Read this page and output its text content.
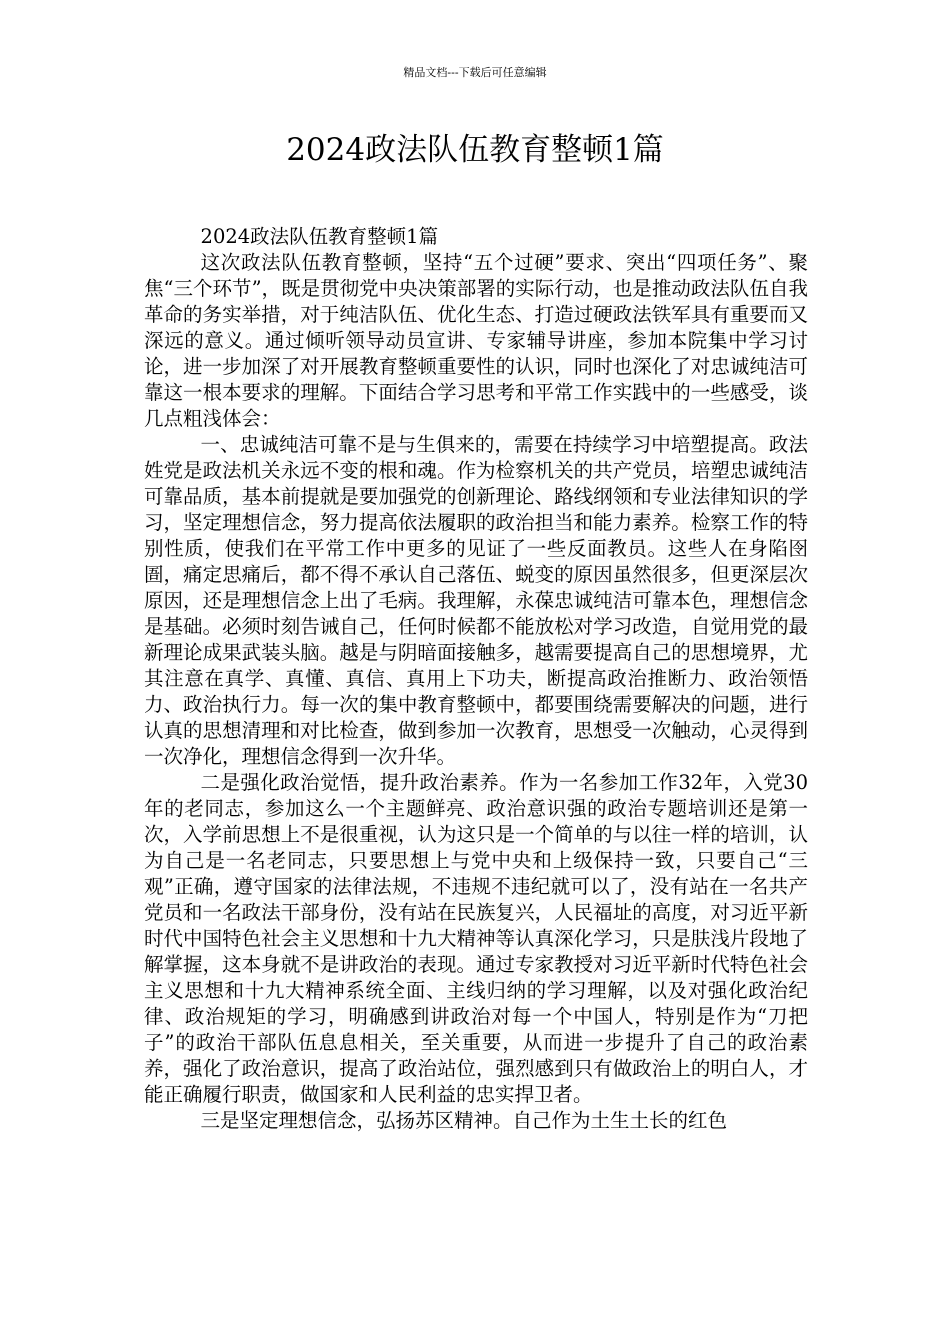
精品文档---下载后可任意编辑
2024政法队伍教育整顿1篇

2024政法队伍教育整顿1篇

这次政法队伍教育整顿，坚持“五个过硬”要求、突出“四项任务”、聚焦“三个环节”，既是贯彻党中央决策部署的实际行动，也是推动政法队伍自我革命的务实举措，对于纯洁队伍、优化生态、打造过硬政法铁军具有重要而又深远的意义。通过倾听领导动员宣讲、专家辅导讲座，参加本院集中学习讨论，进一步加深了对开展教育整顿重要性的认识，同时也深化了对忠诚纯洁可靠这一根本要求的理解。下面结合学习思考和平常工作实践中的一些感受，谈几点粗浅体会：

一、忠诚纯洁可靠不是与生俱来的，需要在持续学习中培塑提高。政法姓党是政法机关永远不变的根和魂。作为检察机关的共产党员，培塑忠诚纯洁可靠品质，基本前提就是要加强党的创新理论、路线纲领和专业法律知识的学习，坚定理想信念，努力提高依法履职的政治担当和能力素养。检察工作的特别性质，使我们在平常工作中更多的见证了一些反面教员。这些人在身陷囹圄，痛定思痛后，都不得不承认自己落伍、蜕变的原因虽然很多，但更深层次原因，还是理想信念上出了毛病。我理解，永葆忠诚纯洁可靠本色，理想信念是基础。必须时刻告诫自己，任何时候都不能放松对学习改造，自觉用党的最新理论成果武装头脑。越是与阴暗面接触多，越需要提高自己的思想境界，尤其注意在真学、真懂、真信、真用上下功夫，断提高政治推断力、政治领悟力、政治执行力。每一次的集中教育整顿中，都要围绕需要解决的问题，进行认真的思想清理和对比检查，做到参加一次教育，思想受一次触动，心灵得到一次净化，理想信念得到一次升华。

二是强化政治觉悟，提升政治素养。作为一名参加工作32年，入党30年的老同志，参加这么一个主题鲜亮、政治意识强的政治专题培训还是第一次，入学前思想上不是很重视，认为这只是一个简单的与以往一样的培训，认为自己是一名老同志，只要思想上与党中央和上级保持一致，只要自己“三观”正确，遵守国家的法律法规，不违规不违纪就可以了，没有站在一名共产党员和一名政法干部身份，没有站在民族复兴，人民福址的高度，对习近平新时代中国特色社会主义思想和十九大精神等认真深化学习，只是肤浅片段地了解掌握，这本身就不是讲政治的表现。通过专家教授对习近平新时代特色社会主义思想和十九大精神系统全面、主线归纳的学习理解，以及对强化政治纪律、政治规矩的学习，明确感到讲政治对每一个中国人，特别是作为“刀把子”的政治干部队伍息息相关，至关重要，从而进一步提升了自己的政治素养，强化了政治意识，提高了政治站位，强烈感到只有做政治上的明白人，才能正确履行职责，做国家和人民利益的忠实捍卫者。

三是坚定理想信念，弘扬苏区精神。自己作为土生土长的红色
